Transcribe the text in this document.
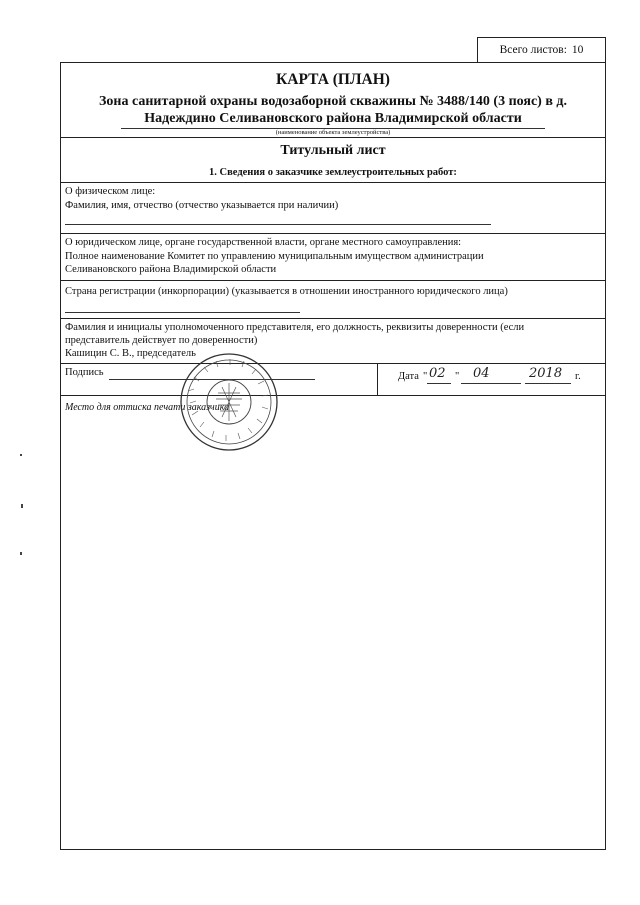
Всего листов: 10
КАРТА (ПЛАН)
Зона санитарной охраны водозаборной скважины № 3488/140 (3 пояс) в д.
Надеждино Селивановского района Владимирской области
(наименование объекта землеустройства)
Титульный лист
1. Сведения о заказчике землеустроительных работ:
О физическом лице:
Фамилия, имя, отчество (отчество указывается при наличии)
О юридическом лице, органе государственной власти, органе местного самоуправления:
Полное наименование Комитет по управлению муниципальным имуществом администрации
Селивановского района Владимирской области
Страна регистрации (инкорпорации) (указывается в отношении иностранного юридического лица)
Фамилия и инициалы уполномоченного представителя, его должность, реквизиты доверенности (если
представитель действует по доверенности)
Кашицин С. В., председатель
Подпись	Дата " 02 " 04	2018 г.
Место для оттиска печати заказчика
